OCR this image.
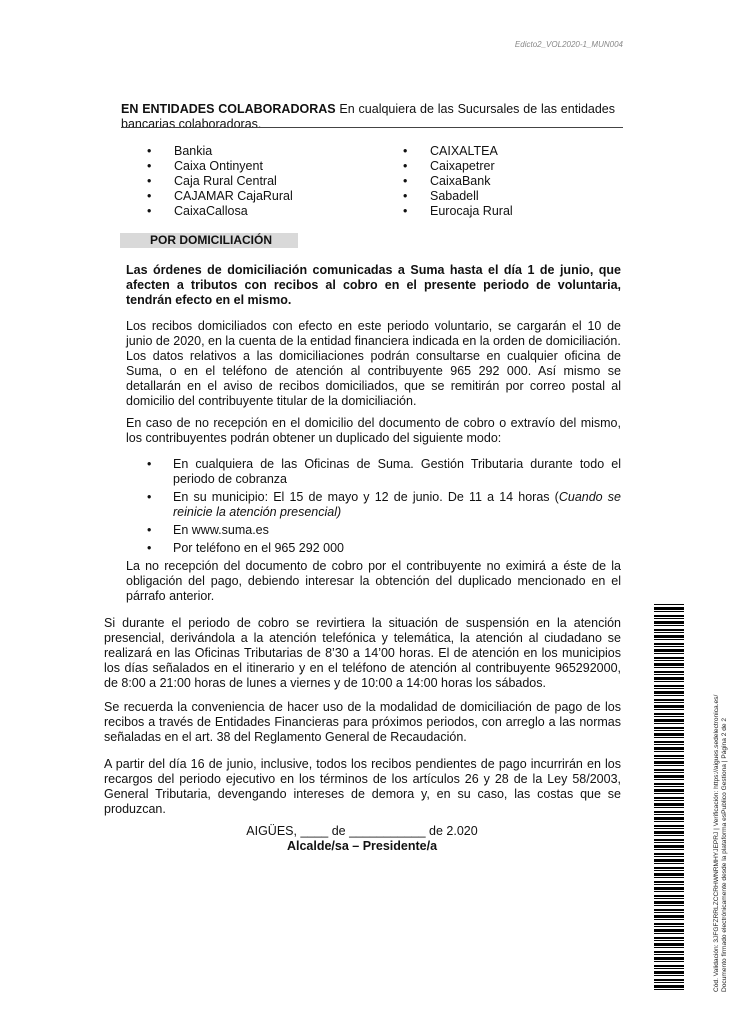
Edicto2_VOL2020-1_MUN004
EN ENTIDADES COLABORADORAS En cualquiera de las Sucursales de las entidades bancarias colaboradoras.
• Bankia
• Caixa Ontinyent
• Caja Rural Central
• CAJAMAR CajaRural
• CaixaCallosa
• CAIXALTEA
• Caixapetrer
• CaixaBank
• Sabadell
• Eurocaja Rural
POR DOMICILIACIÓN

Las órdenes de domiciliación comunicadas a Suma hasta el día 1 de junio, que afecten a tributos con recibos al cobro en el presente periodo de voluntaria, tendrán efecto en el mismo.

Los recibos domiciliados con efecto en este periodo voluntario, se cargarán el 10 de junio de 2020, en la cuenta de la entidad financiera indicada en la orden de domiciliación.

Los datos relativos a las domiciliaciones podrán consultarse en cualquier oficina de Suma, o en el teléfono de atención al contribuyente 965 292 000. Así mismo se detallarán en el aviso de recibos domiciliados, que se remitirán por correo postal al domicilio del contribuyente titular de la domiciliación.

En caso de no recepción en el domicilio del documento de cobro o extravío del mismo, los contribuyentes podrán obtener un duplicado del siguiente modo:

• En cualquiera de las Oficinas de Suma. Gestión Tributaria durante todo el periodo de cobranza
• En su municipio: El 15 de mayo y 12 de junio. De 11 a 14 horas (Cuando se reinicie la atención presencial)
• En www.suma.es
• Por teléfono en el 965 292 000

La no recepción del documento de cobro por el contribuyente no eximirá a éste de la obligación del pago, debiendo interesar la obtención del duplicado mencionado en el párrafo anterior.

Si durante el periodo de cobro se revirtiera la situación de suspensión en la atención presencial, derivándola a la atención telefónica y telemática, la atención al ciudadano se realizará en las Oficinas Tributarias de 8’30 a 14’00 horas. El de atención en los municipios los días señalados en el itinerario y en el teléfono de atención al contribuyente 965292000, de 8:00 a 21:00 horas de lunes a viernes y de 10:00 a 14:00 horas los sábados.

Se recuerda la conveniencia de hacer uso de la modalidad de domiciliación de pago de los recibos a través de Entidades Financieras para próximos periodos, con arreglo a las normas señaladas en el art. 38 del Reglamento General de Recaudación.

A partir del día 16 de junio, inclusive, todos los recibos pendientes de pago incurrirán en los recargos del periodo ejecutivo en los términos de los artículos 26 y 28 de la Ley 58/2003, General Tributaria, devengando intereses de demora y, en su caso, las costas que se produzcan.

AIGÜES, ____ de ___________ de 2.020
Alcalde/sa – Presidente/a	Cód. Validación: 3JFGFZRRLZCCRHWNRMHYJEPRJ | Verificación: https://aigues.sedelectronica.es/ Documento firmado electrónicamente desde la plataforma esPublico Gestiona | Página 2 de 2
